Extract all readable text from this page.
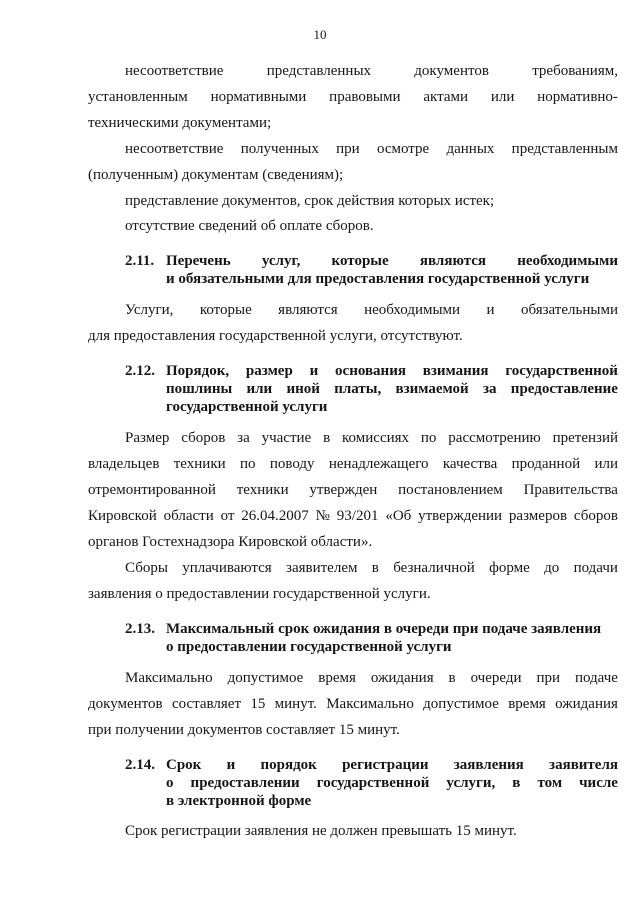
10
несоответствие	представленных	документов	требованиям,
установленным нормативными правовыми актами или нормативно-
техническими документами;
несоответствие полученных при осмотре данных представленным
(полученным) документам (сведениям);
представление документов, срок действия которых истек;
отсутствие сведений об оплате сборов.
2.11. Перечень услуг, которые являются необходимыми
и обязательными для предоставления государственной услуги
Услуги, которые являются необходимыми и обязательными
для предоставления государственной услуги, отсутствуют.
2.12. Порядок, размер и основания взимания государственной
пошлины или иной платы, взимаемой за предоставление
государственной услуги
Размер сборов за участие в комиссиях по рассмотрению претензий
владельцев техники по поводу ненадлежащего качества проданной или
отремонтированной техники утвержден постановлением Правительства
Кировской области от 26.04.2007 № 93/201 «Об утверждении размеров сборов
органов Гостехнадзора Кировской области».
Сборы уплачиваются заявителем в безналичной форме до подачи
заявления о предоставлении государственной услуги.
2.13. Максимальный срок ожидания в очереди при подаче заявления
о предоставлении государственной услуги
Максимально допустимое время ожидания в очереди при подаче
документов составляет 15 минут. Максимально допустимое время ожидания
при получении документов составляет 15 минут.
2.14. Срок и порядок регистрации заявления заявителя
о предоставлении государственной услуги, в том числе
в электронной форме
Срок регистрации заявления не должен превышать 15 минут.
